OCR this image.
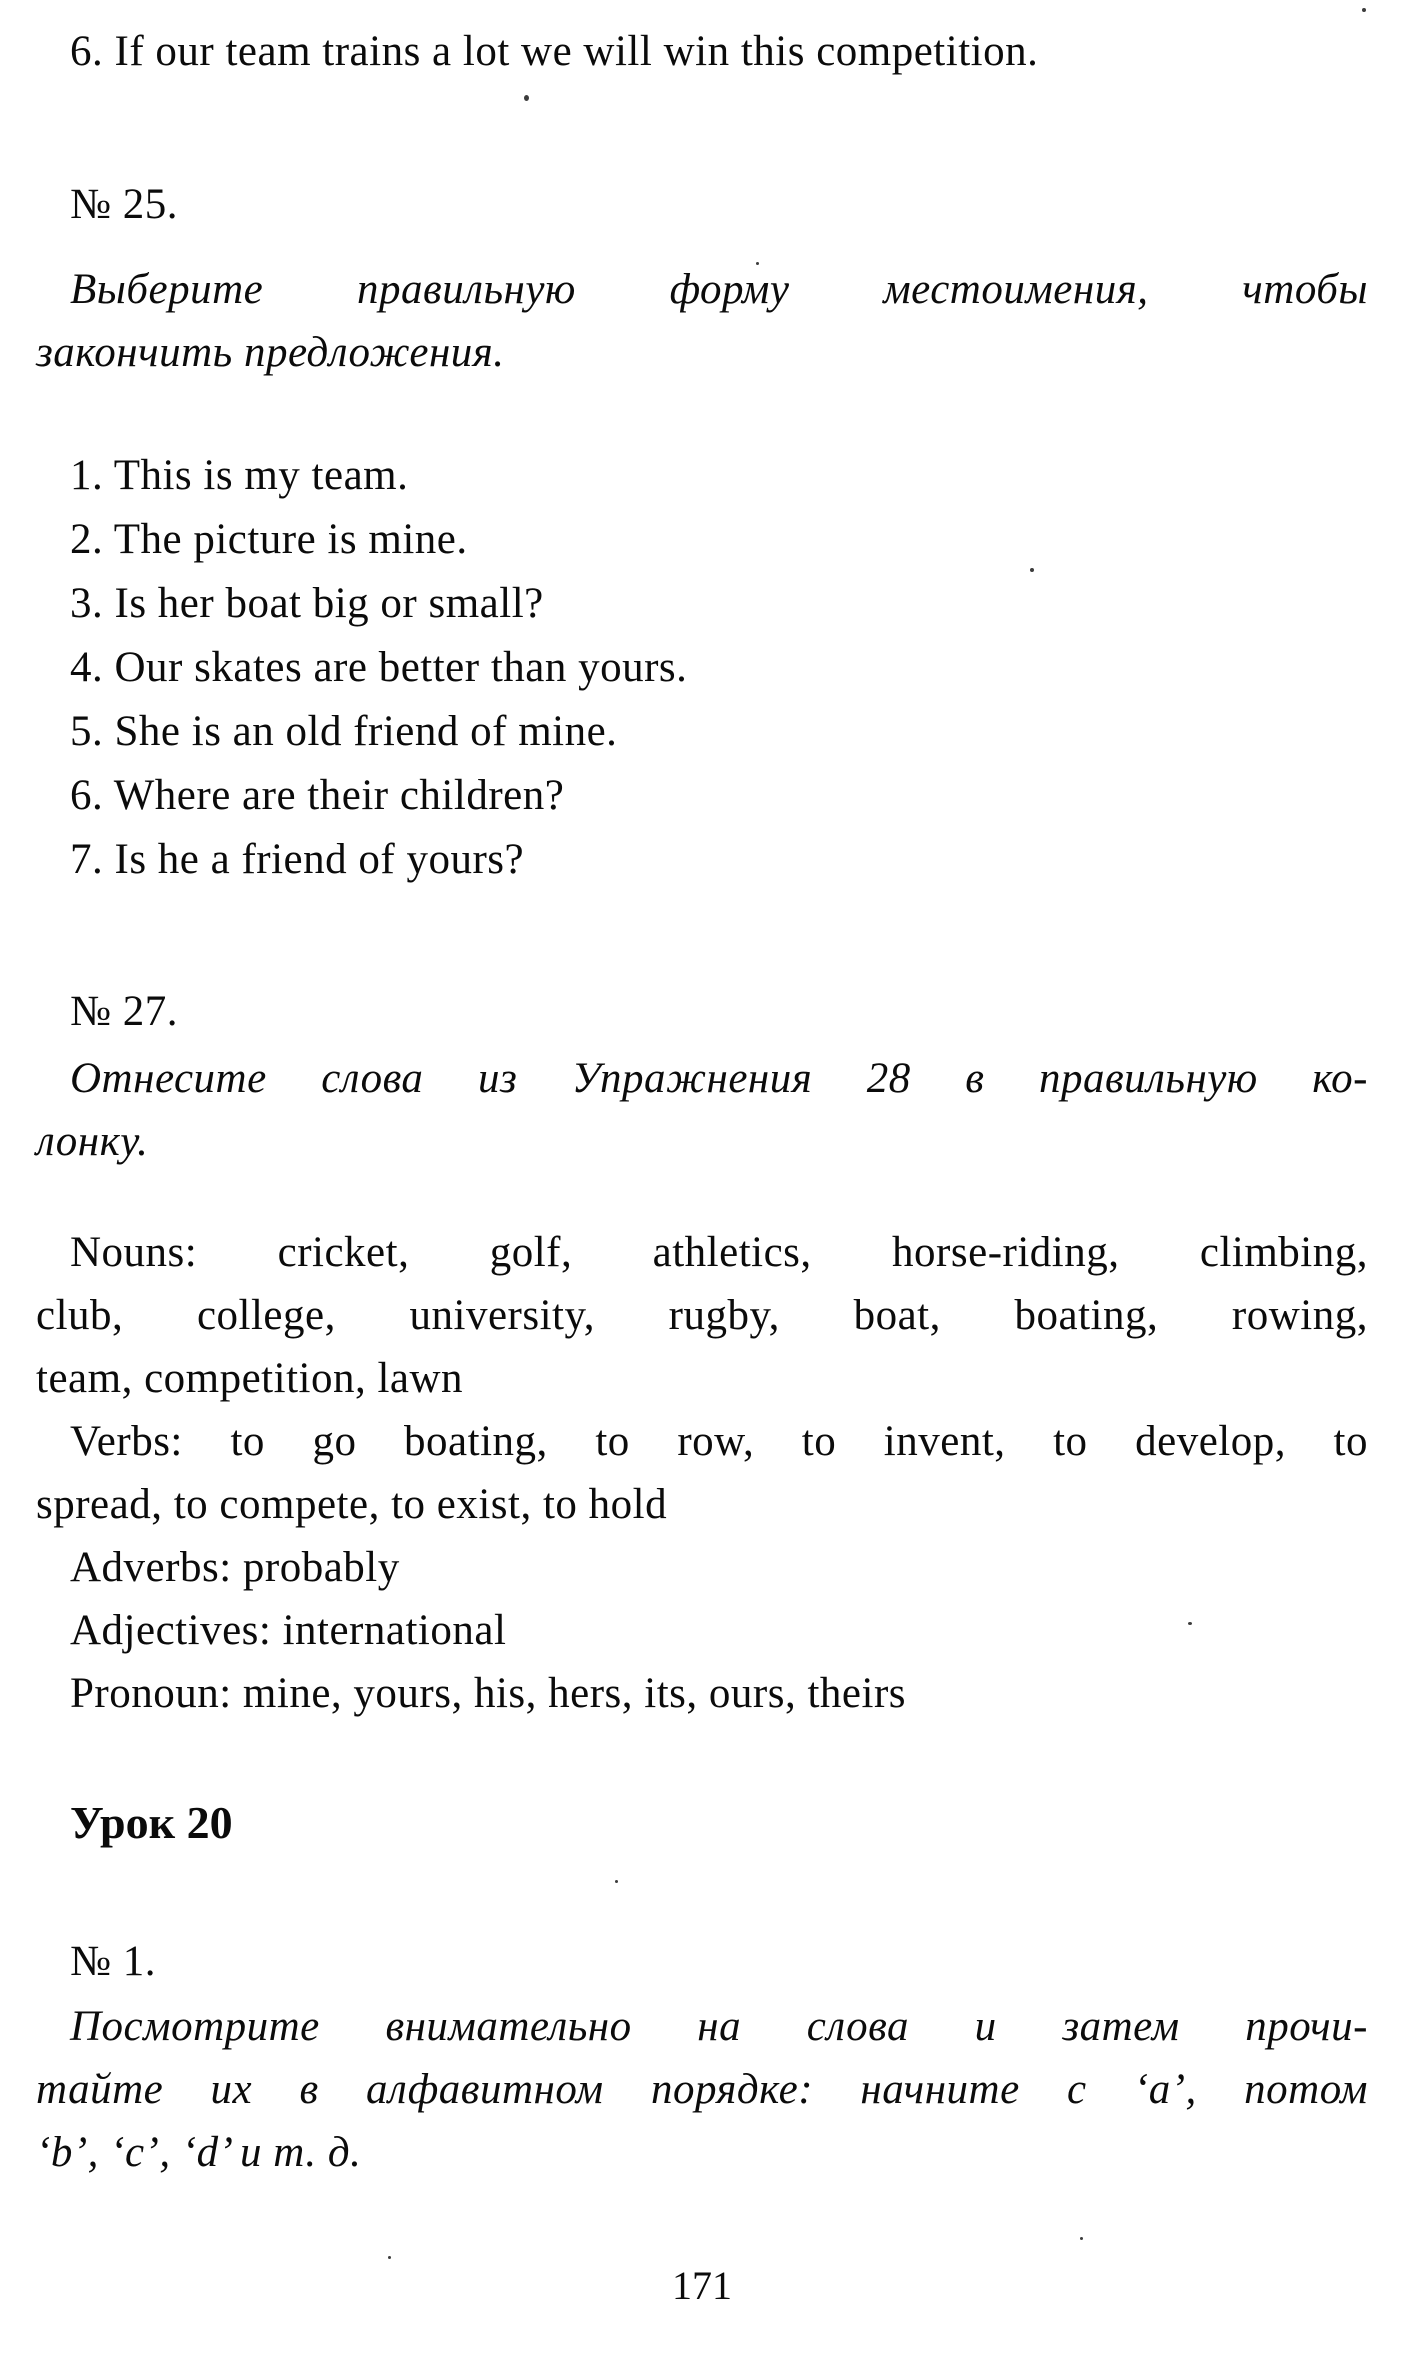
6. If our team trains a lot we will win this competition.
№ 25.
Выберите правильную форму местоимения, чтобы
закончить предложения.
1. This is my team.
2. The picture is mine.
3. Is her boat big or small?
4. Our skates are better than yours.
5. She is an old friend of mine.
6. Where are their children?
7. Is he a friend of yours?
№ 27.
Отнесите слова из Упражнения 28 в правильную ко-
лонку.
Nouns: cricket, golf, athletics, horse-riding, climbing,
club, college, university, rugby, boat, boating, rowing,
team, competition, lawn
Verbs: to go boating, to row, to invent, to develop, to
spread, to compete, to exist, to hold
Adverbs: probably
Adjectives: international
Pronoun: mine, yours, his, hers, its, ours, theirs
Урок 20
№ 1.
Посмотрите внимательно на слова и затем прочи-
тайте их в алфавитном порядке: начните с ‘a’, потом
‘b’, ‘c’, ‘d’ и т. д.
171
